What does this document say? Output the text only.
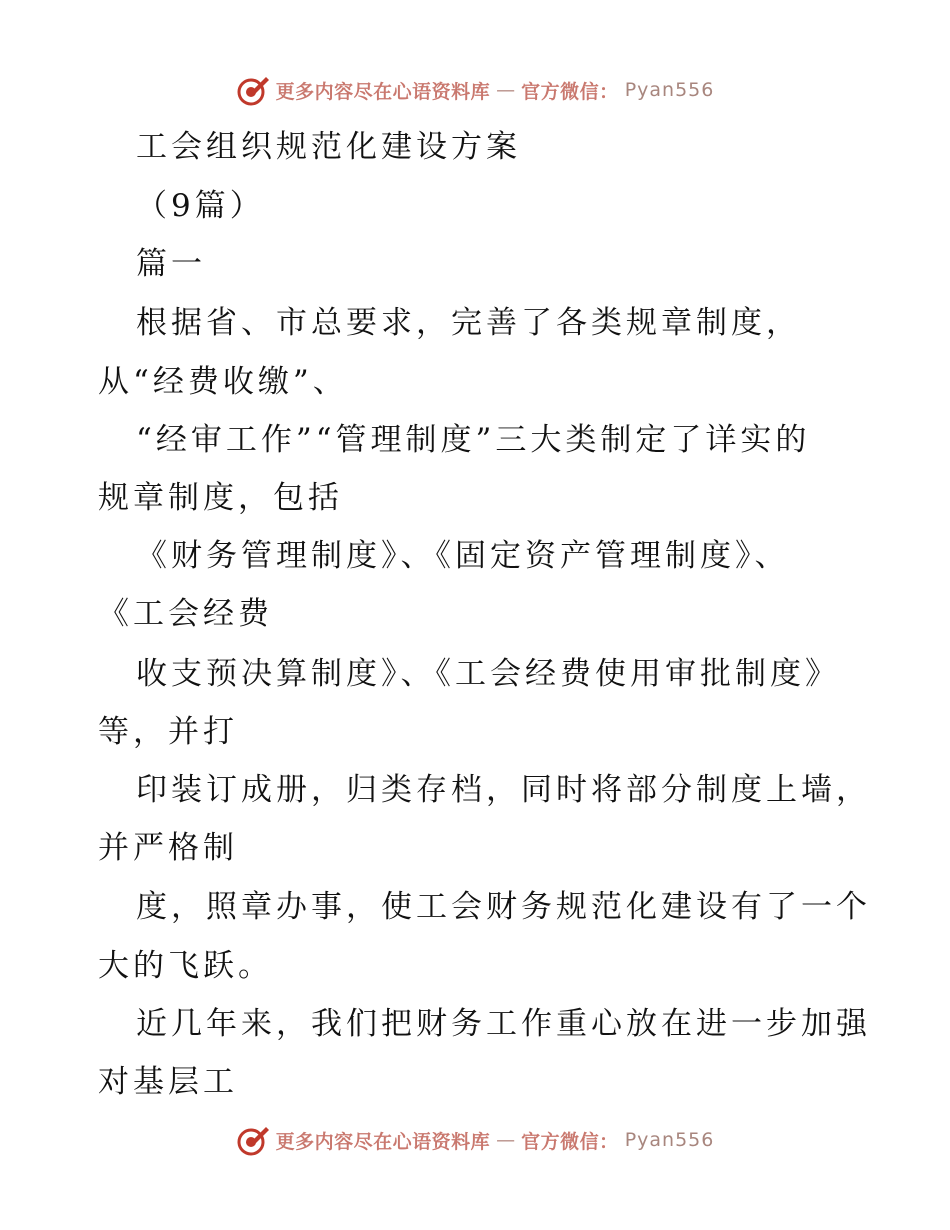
更多内容尽在心语资料库 — 官方微信： Pyan556

工会组织规范化建设方案

（9篇）

篇一

根据省、市总要求，完善了各类规章制度，

从“经费收缴”、

“经审工作”“管理制度”三大类制定了详实的

规章制度，包括

《财务管理制度》、《固定资产管理制度》、

《工会经费

收支预决算制度》、《工会经费使用审批制度》

等，并打

印装订成册，归类存档，同时将部分制度上墙，

并严格制

度，照章办事，使工会财务规范化建设有了一个

大的飞跃。

近几年来，我们把财务工作重心放在进一步加强

对基层工

更多内容尽在心语资料库 — 官方微信： Pyan556
